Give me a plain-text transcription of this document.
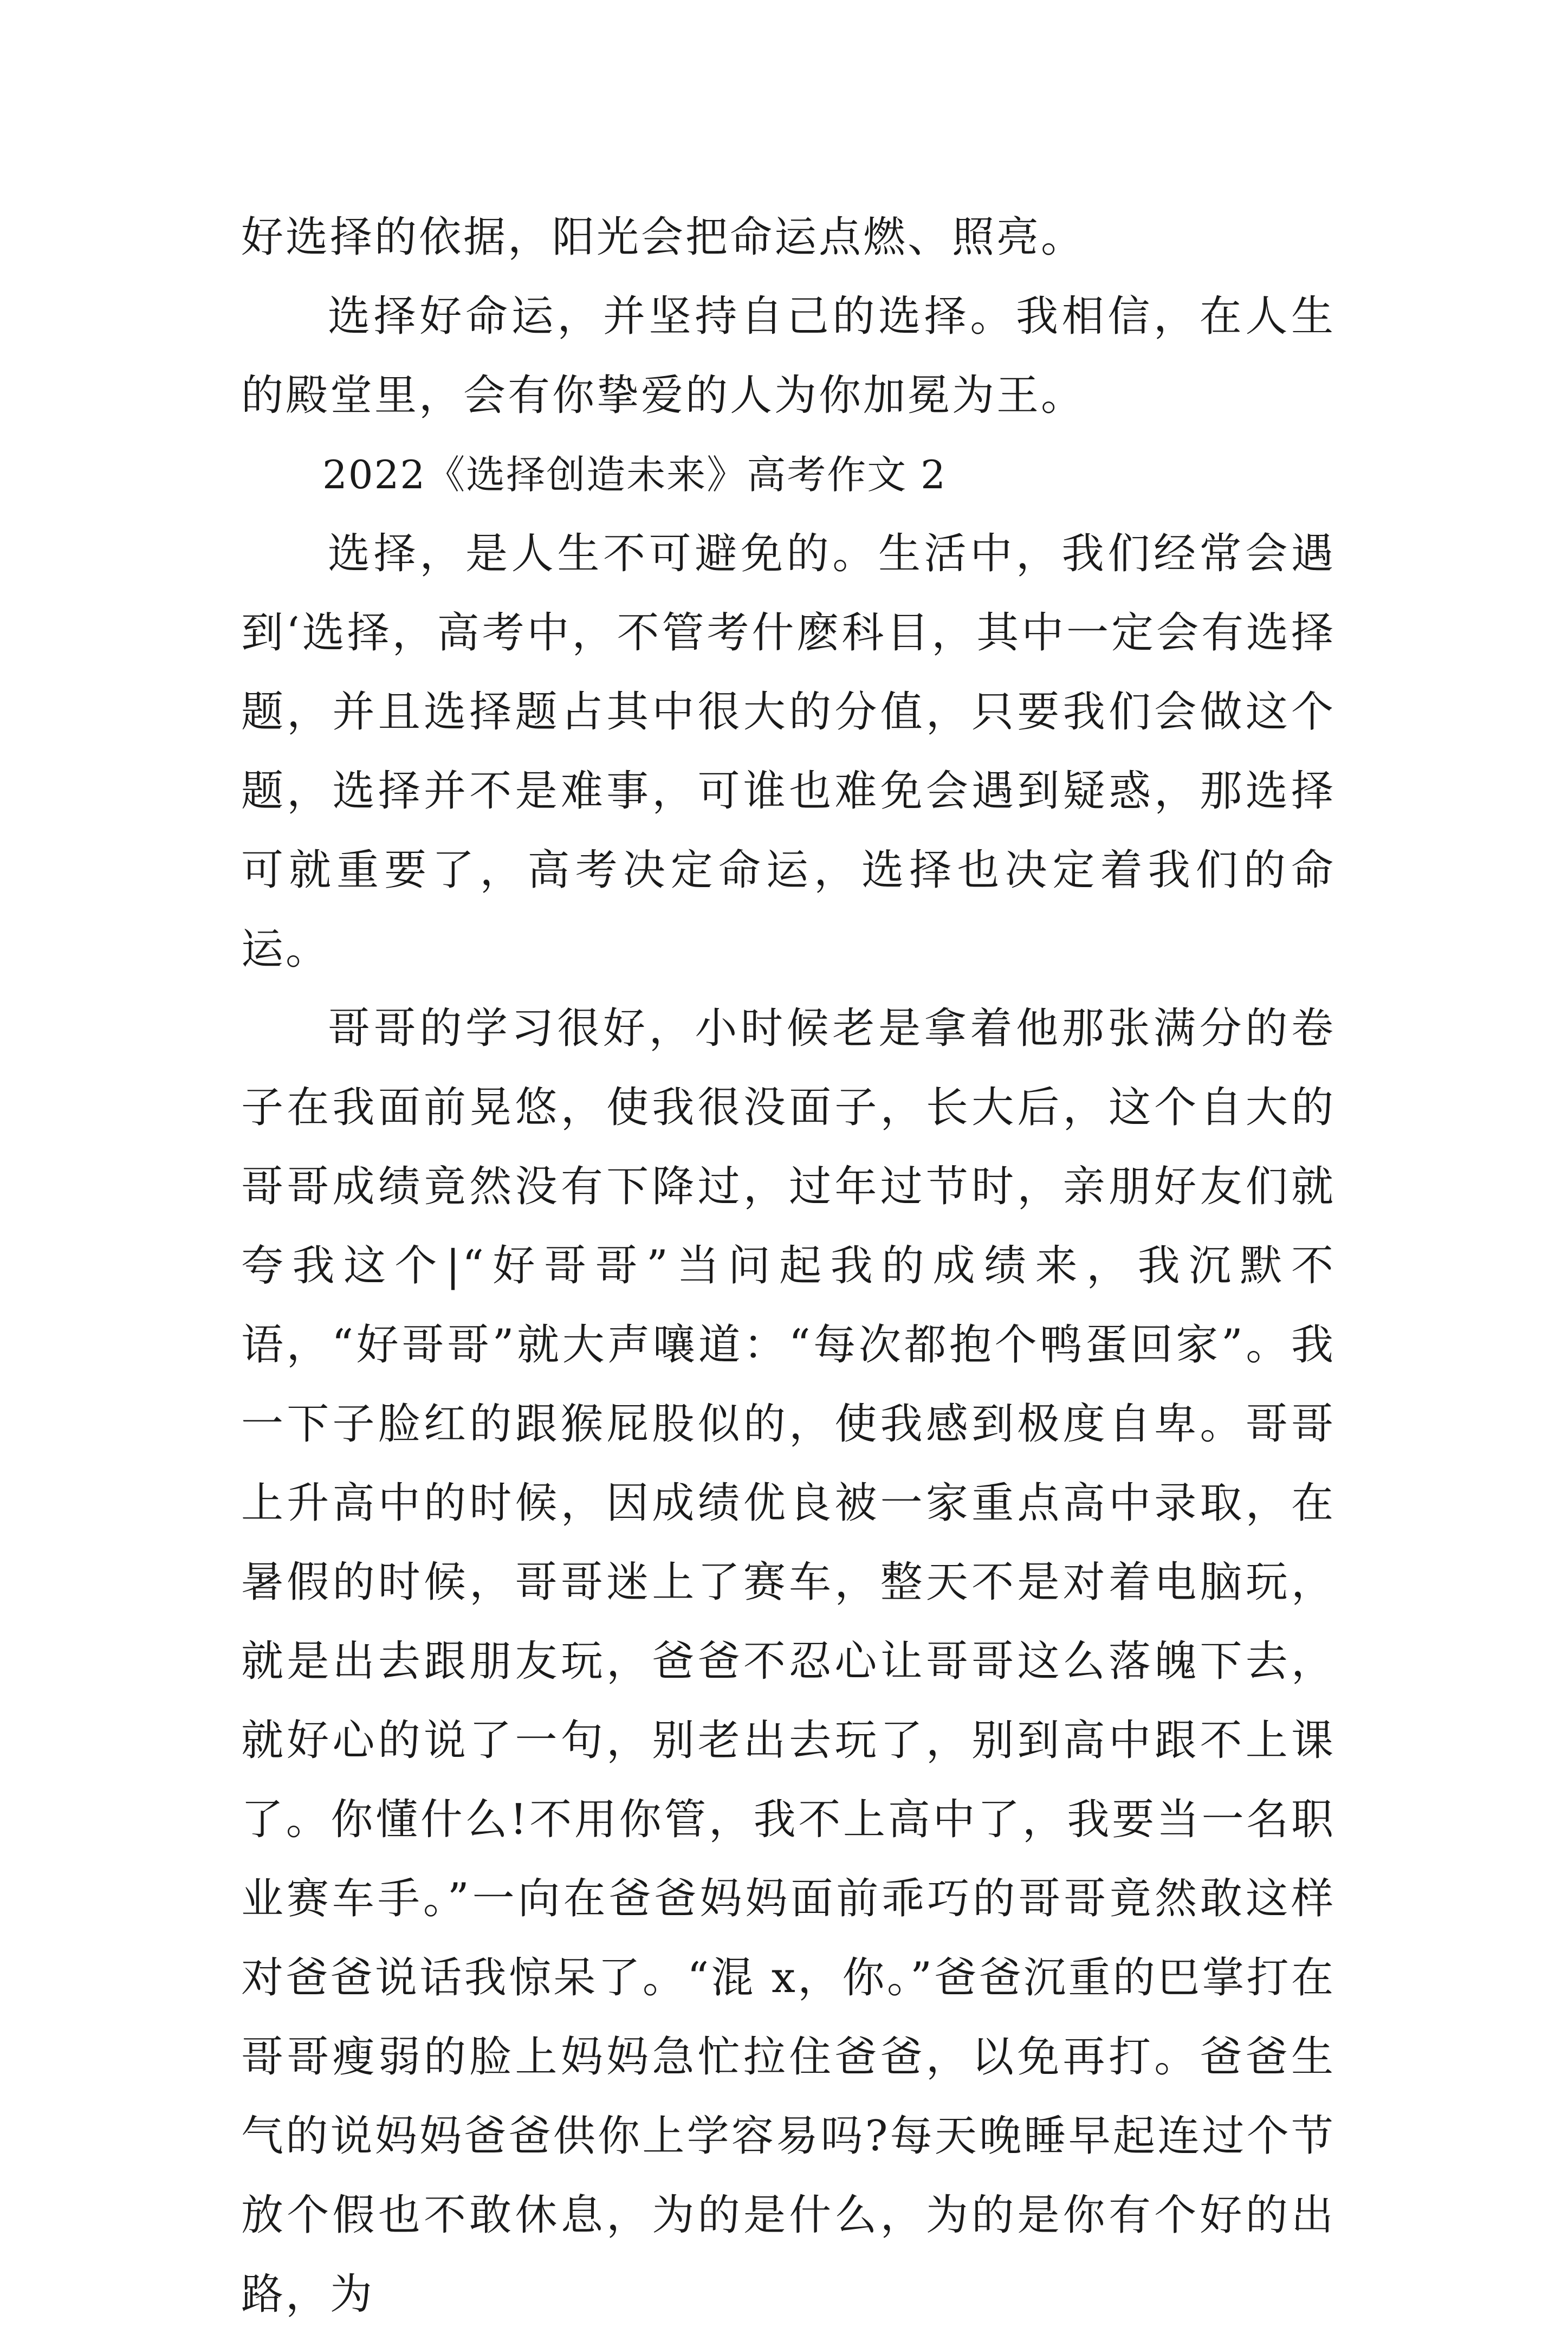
好选择的依据，阳光会把命运点燃、照亮。

选择好命运，并坚持自己的选择。我相信，在人生的殿堂里，会有你挚爱的人为你加冕为王。

2022《选择创造未来》高考作文 2

选择，是人生不可避免的。生活中，我们经常会遇到‘选择，高考中，不管考什麽科目，其中一定会有选择题，并且选择题占其中很大的分值，只要我们会做这个题，选择并不是难事，可谁也难免会遇到疑惑，那选择可就重要了，高考决定命运，选择也决定着我们的命运。

哥哥的学习很好，小时候老是拿着他那张满分的卷子在我面前晃悠，使我很没面子，长大后，这个自大的哥哥成绩竟然没有下降过，过年过节时，亲朋好友们就夸我这个|“好哥哥”当问起我的成绩来，我沉默不语，“好哥哥”就大声嚷道：“每次都抱个鸭蛋回家”。我一下子脸红的跟猴屁股似的，使我感到极度自卑。哥哥上升高中的时候，因成绩优良被一家重点高中录取，在暑假的时候，哥哥迷上了赛车，整天不是对着电脑玩，就是出去跟朋友玩，爸爸不忍心让哥哥这么落魄下去，就好心的说了一句，别老出去玩了，别到高中跟不上课了。你懂什么!不用你管，我不上高中了，我要当一名职业赛车手。”一向在爸爸妈妈面前乖巧的哥哥竟然敢这样对爸爸说话我惊呆了。“混 x，你。”爸爸沉重的巴掌打在哥哥瘦弱的脸上妈妈急忙拉住爸爸，以免再打。爸爸生气的说妈妈爸爸供你上学容易吗?每天晚睡早起连过个节放个假也不敢休息，为的是什么，为的是你有个好的出路，为
